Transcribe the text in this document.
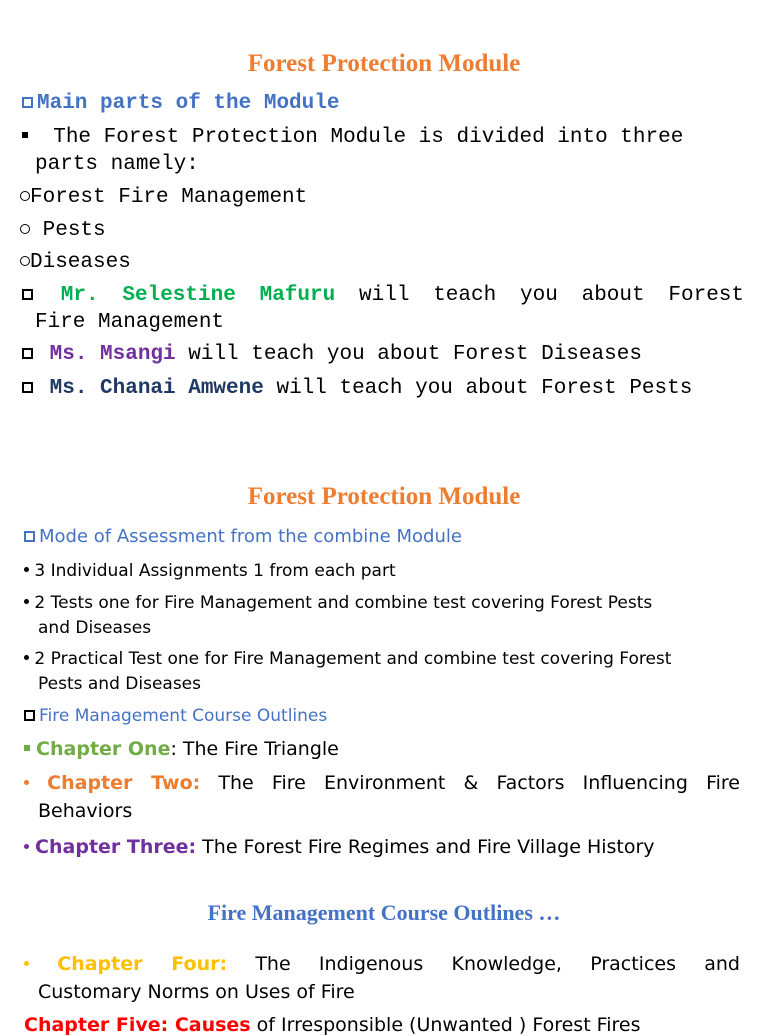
Forest Protection Module
Main parts of the Module
The Forest Protection Module is divided into three
parts namely:
Forest Fire Management
Pests
Diseases
Mr. Selestine Mafuru will teach you about Forest
Fire Management
Ms. Msangi will teach you about Forest Diseases
Ms. Chanai Amwene will teach you about Forest Pests
Forest Protection Module
Mode of Assessment from the combine Module
3 Individual Assignments 1 from each part
2 Tests one for Fire Management and combine test covering Forest Pests
and Diseases
2 Practical Test one for Fire Management and combine test covering Forest
Pests and Diseases
Fire Management Course Outlines
Chapter One: The Fire Triangle
Chapter Two: The Fire Environment & Factors Influencing Fire
Behaviors
Chapter Three: The Forest Fire Regimes and Fire Village History
Fire Management Course Outlines …
Chapter Four: The Indigenous Knowledge, Practices and
Customary Norms on Uses of Fire
Chapter Five: Causes of Irresponsible (Unwanted ) Forest Fires
